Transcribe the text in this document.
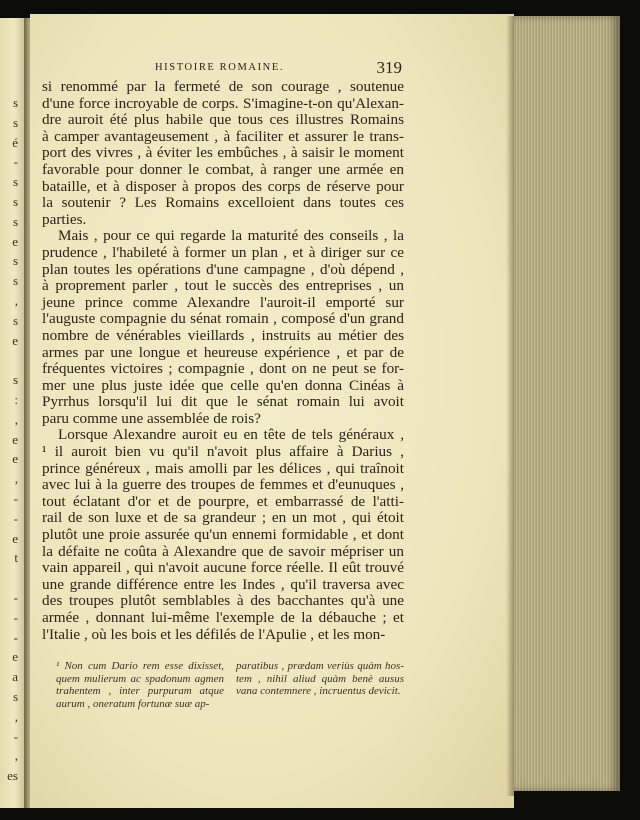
s
s
é
-
s
s
s
e
s
s
,
s
e
s
:
,
e
e
,
-
-
e
t
-
-
-
e
a
s
,
-
,
es
HISTOIRE ROMAINE.	319
si renommé par la fermeté de son courage , soutenue
d'une force incroyable de corps. S'imagine-t-on qu'Alexan-
dre auroit été plus habile que tous ces illustres Romains
à camper avantageusement , à faciliter et assurer le trans-
port des vivres , à éviter les embûches , à saisir le moment
favorable pour donner le combat, à ranger une armée en
bataille, et à disposer à propos des corps de réserve pour
la soutenir ? Les Romains excelloient dans toutes ces
parties.
Mais , pour ce qui regarde la maturité des conseils , la
prudence , l'habileté à former un plan , et à diriger sur ce
plan toutes les opérations d'une campagne , d'où dépend ,
à proprement parler , tout le succès des entreprises , un
jeune prince comme Alexandre l'auroit-il emporté sur
l'auguste compagnie du sénat romain , composé d'un grand
nombre de vénérables vieillards , instruits au métier des
armes par une longue et heureuse expérience , et par de
fréquentes victoires ; compagnie , dont on ne peut se for-
mer une plus juste idée que celle qu'en donna Cinéas à
Pyrrhus lorsqu'il lui dit que le sénat romain lui avoit
paru comme une assemblée de rois?
Lorsque Alexandre auroit eu en tête de tels généraux ,
¹ il auroit bien vu qu'il n'avoit plus affaire à Darius ,
prince généreux , mais amolli par les délices , qui traînoit
avec lui à la guerre des troupes de femmes et d'eunuques ,
tout éclatant d'or et de pourpre, et embarrassé de l'atti-
rail de son luxe et de sa grandeur ; en un mot , qui étoit
plutôt une proie assurée qu'un ennemi formidable , et dont
la défaite ne coûta à Alexandre que de savoir mépriser un
vain appareil , qui n'avoit aucune force réelle. Il eût trouvé
une grande différence entre les Indes , qu'il traversa avec
des troupes plutôt semblables à des bacchantes qu'à une
armée , donnant lui-même l'exemple de la débauche ; et
l'Italie , où les bois et les défilés de l'Apulie , et les mon-
¹ Non cum Dario rem esse dixisset,
quem mulierum ac spadonum agmen
trahentem , inter purpuram atque
aurum , oneratum fortunæ suæ ap-
paratibus , prædam veriùs quàm hos-
tem , nihil aliud quàm benè ausus
vana contemnere , incruentus devicit.
